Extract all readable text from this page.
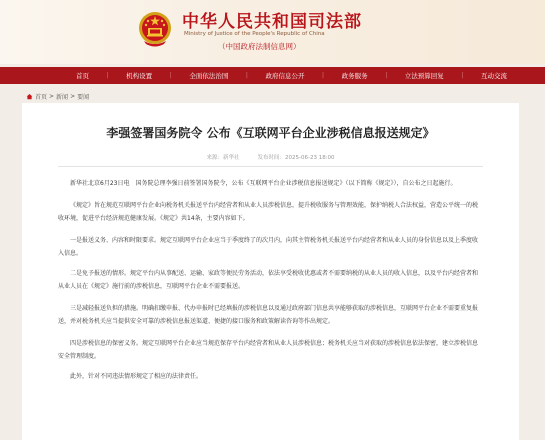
中华人民共和国司法部
Ministry of Justice of the People's Republic of China
（中国政府法制信息网）
首页	|	机构设置	|	全面依法治国	|	政府信息公开	|	政务服务	|	立法预算回复	|	互动交流
首页 > 新闻 > 要闻
李强签署国务院令 公布《互联网平台企业涉税信息报送规定》
来源：新华社	发布时间：2025-06-23 18:00

新华社北京6月23日电　国务院总理李强日前签署国务院令，公布《互联网平台企业涉税信息报送规定》（以下简称《规定》），自公布之日起施行。

《规定》旨在规范互联网平台企业向税务机关报送平台内经营者和从业人员涉税信息，提升税收服务与管理效能，保护纳税人合法权益，营造公平统一的税收环境，促进平台经济规范健康发展。《规定》共14条，主要内容如下。

一是报送义务、内容和时限要求。规定互联网平台企业应当于季度终了的次月内，向其主管税务机关报送平台内经营者和从业人员的身份信息以及上季度收入信息。

二是免予报送的情形。规定平台内从事配送、运输、家政等便民劳务活动，依法享受税收优惠或者不需要纳税的从业人员的收入信息，以及平台内经营者和从业人员在《规定》施行前的涉税信息，互联网平台企业不需要报送。

三是减轻报送负担的措施。明确扣缴申报、代办申报时已经填报的涉税信息以及通过政府部门信息共享能够获取的涉税信息，互联网平台企业不需要重复报送，并对税务机关应当提供安全可靠的涉税信息报送渠道、便捷的接口服务和政策解读咨询等作出规定。

四是涉税信息的保密义务。规定互联网平台企业应当规范保存平台内经营者和从业人员涉税信息；税务机关应当对获取的涉税信息依法保密，建立涉税信息安全管理制度。

此外，针对不同违法情形规定了相应的法律责任。
